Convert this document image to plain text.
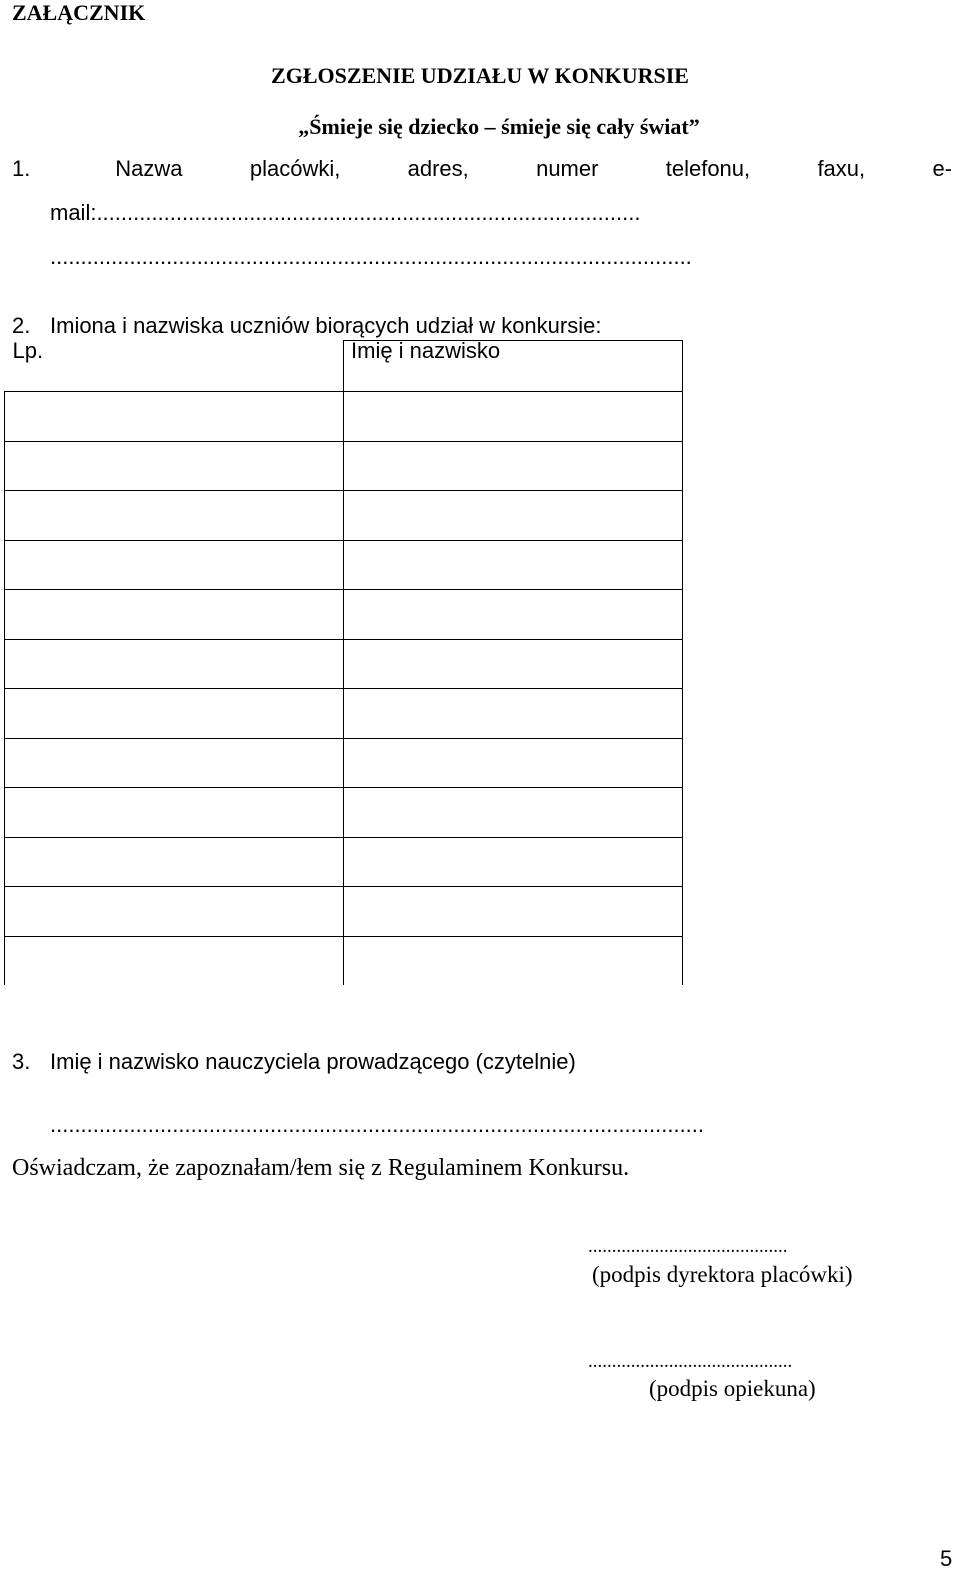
ZAŁĄCZNIK
ZGŁOSZENIE UDZIAŁU W KONKURSIE
„Śmieje się dziecko – śmieje się cały świat”
1.	Nazwa	placówki,	adres,	numer	telefonu,	faxu,	e-
mail:.........................................................................................
.........................................................................................................
2. Imiona i nazwiska uczniów biorących udział w konkursie:
Lp.	Imię i nazwisko

3. Imię i nazwisko nauczyciela prowadzącego (czytelnie)
...........................................................................................................
Oświadczam, że zapoznałam/łem się z Regulaminem Konkursu.
..........................................
(podpis dyrektora placówki)
...........................................
(podpis opiekuna)
5
